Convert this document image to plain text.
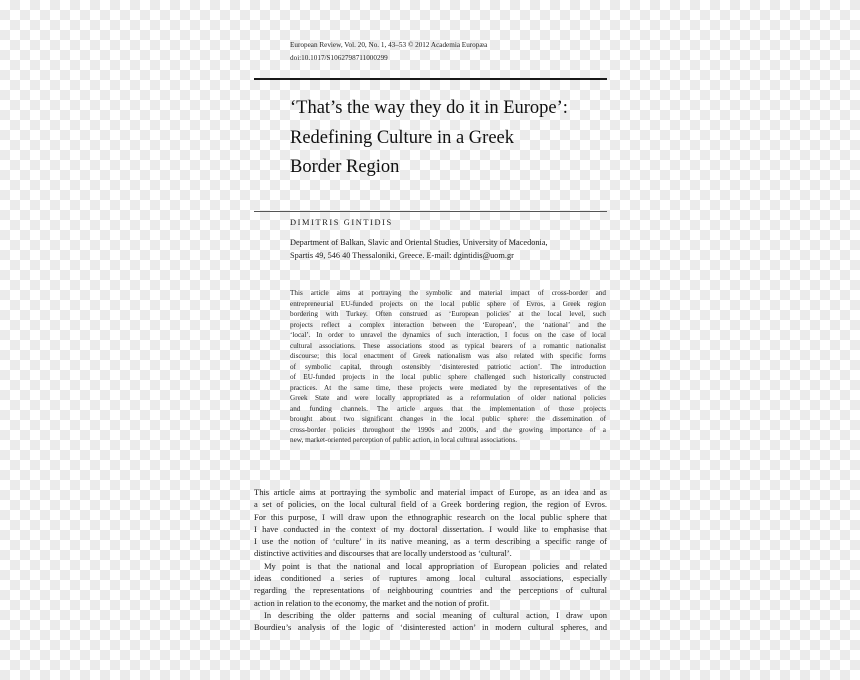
European Review, Vol. 20, No. 1, 43–53 © 2012 Academia Europæa
doi:10.1017/S1062798711000299
‘That’s the way they do it in Europe’:
Redefining Culture in a Greek
Border Region
DIMITRIS GINTIDIS
Department of Balkan, Slavic and Oriental Studies, University of Macedonia,
Spartis 49, 546 40 Thessaloniki, Greece. E-mail: dgintidis@uom.gr
This article aims at portraying the symbolic and material impact of cross-border and
entrepreneurial EU-funded projects on the local public sphere of Evros, a Greek region
bordering with Turkey. Often construed as ‘European policies’ at the local level, such
projects reflect a complex interaction between the ‘European’, the ‘national’ and the
‘local’. In order to unravel the dynamics of such interaction, I focus on the case of local
cultural associations. These associations stood as typical bearers of a romantic nationalist
discourse; this local enactment of Greek nationalism was also related with specific forms
of symbolic capital, through ostensibly ‘disinterested patriotic action’. The introduction
of EU-funded projects in the local public sphere challenged such historically constructed
practices. At the same time, these projects were mediated by the representatives of the
Greek State and were locally appropriated as a reformulation of older national policies
and funding channels. The article argues that the implementation of those projects
brought about two significant changes in the local public sphere: the dissemination of
cross-border policies throughout the 1990s and 2000s, and the growing importance of a
new, market-oriented perception of public action, in local cultural associations.
This article aims at portraying the symbolic and material impact of Europe, as an idea and as
a set of policies, on the local cultural field of a Greek bordering region, the region of Evros.
For this purpose, I will draw upon the ethnographic research on the local public sphere that
I have conducted in the context of my doctoral dissertation. I would like to emphasise that
I use the notion of ‘culture’ in its native meaning, as a term describing a specific range of
distinctive activities and discourses that are locally understood as ‘cultural’.
My point is that the national and local appropriation of European policies and related
ideas conditioned a series of ruptures among local cultural associations, especially
regarding the representations of neighbouring countries and the perceptions of cultural
action in relation to the economy, the market and the notion of profit.
In describing the older patterns and social meaning of cultural action, I draw upon
Bourdieu’s analysis of the logic of ‘disinterested action’ in modern cultural spheres, and
